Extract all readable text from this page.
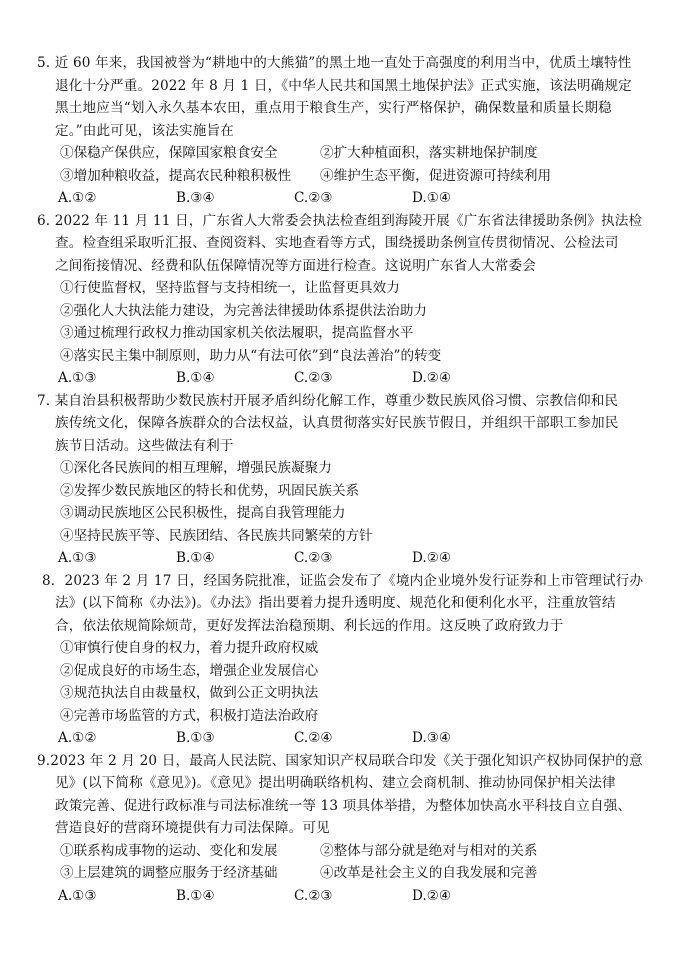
5. 近 60 年来，我国被誉为“耕地中的大熊猫”的黑土地一直处于高强度的利用当中，优质土壤特性
退化十分严重。2022 年 8 月 1 日，《中华人民共和国黑土地保护法》正式实施，该法明确规定
黑土地应当“划入永久基本农田，重点用于粮食生产，实行严格保护，确保数量和质量长期稳
定。”由此可见，该法实施旨在
①保稳产保供应，保障国家粮食安全	②扩大种植面积，落实耕地保护制度
③增加种粮收益，提高农民种粮积极性	④维护生态平衡，促进资源可持续利用
A.①②	B.③④	C.②③	D.①④
6. 2022 年 11 月 11 日，广东省人大常委会执法检查组到海陵开展《广东省法律援助条例》执法检
查。检查组采取听汇报、查阅资料、实地查看等方式，围绕援助条例宣传贯彻情况、公检法司
之间衔接情况、经费和队伍保障情况等方面进行检查。这说明广东省人大常委会
①行使监督权，坚持监督与支持相统一，让监督更具效力
②强化人大执法能力建设，为完善法律援助体系提供法治助力
③通过梳理行政权力推动国家机关依法履职，提高监督水平
④落实民主集中制原则，助力从“有法可依”到“良法善治”的转变
A.①③	B.①④	C.②③	D.②④
7. 某自治县积极帮助少数民族村开展矛盾纠纷化解工作，尊重少数民族风俗习惯、宗教信仰和民
族传统文化，保障各族群众的合法权益，认真贯彻落实好民族节假日，并组织干部职工参加民
族节日活动。这些做法有利于
①深化各民族间的相互理解，增强民族凝聚力
②发挥少数民族地区的特长和优势，巩固民族关系
③调动民族地区公民积极性，提高自我管理能力
④坚持民族平等、民族团结、各民族共同繁荣的方针
A.①③	B.①④	C.②③	D.②④
8．2023 年 2 月 17 日，经国务院批准，证监会发布了《境内企业境外发行证券和上市管理试行办
法》(以下简称《办法》)。《办法》指出要着力提升透明度、规范化和便利化水平，注重放管结
合，依法依规简除烦苛，更好发挥法治稳预期、利长远的作用。这反映了政府致力于
①审慎行使自身的权力，着力提升政府权威
②促成良好的市场生态，增强企业发展信心
③规范执法自由裁量权，做到公正文明执法
④完善市场监管的方式，积极打造法治政府
A.①②	B.①③	C.②④	D.③④
9.2023 年 2 月 20 日，最高人民法院、国家知识产权局联合印发《关于强化知识产权协同保护的意
见》(以下简称《意见》)。《意见》提出明确联络机构、建立会商机制、推动协同保护相关法律
政策完善、促进行政标准与司法标准统一等 13 项具体举措，为整体加快高水平科技自立自强、
营造良好的营商环境提供有力司法保障。可见
①联系构成事物的运动、变化和发展	②整体与部分就是绝对与相对的关系
③上层建筑的调整应服务于经济基础	④改革是社会主义的自我发展和完善
A.①③	B.①④	C.②③	D.②④
